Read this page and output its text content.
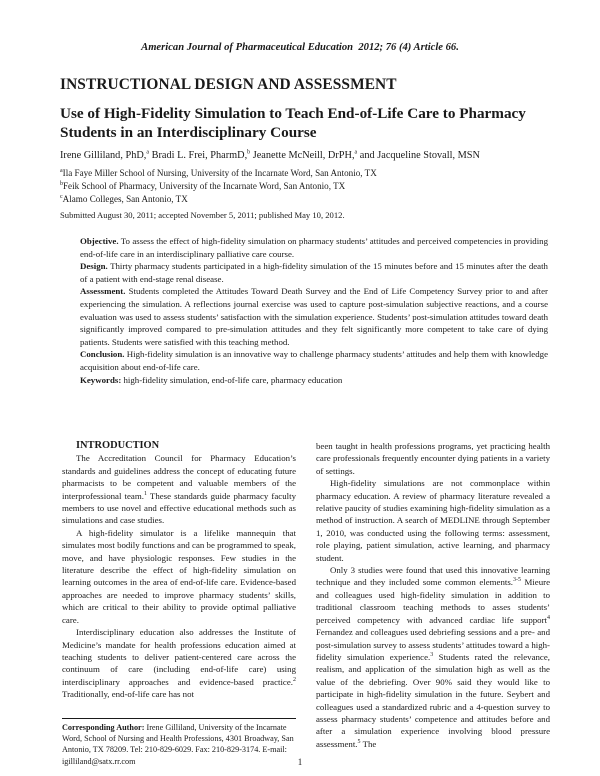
American Journal of Pharmaceutical Education 2012; 76 (4) Article 66.
INSTRUCTIONAL DESIGN AND ASSESSMENT
Use of High-Fidelity Simulation to Teach End-of-Life Care to Pharmacy Students in an Interdisciplinary Course
Irene Gilliland, PhD,$^a$ Bradi L. Frei, PharmD,$^b$ Jeanette McNeill, DrPH,$^a$ and Jacqueline Stovall, MSN
$^a$Ila Faye Miller School of Nursing, University of the Incarnate Word, San Antonio, TX
$^b$Feik School of Pharmacy, University of the Incarnate Word, San Antonio, TX
$^c$Alamo Colleges, San Antonio, TX
Submitted August 30, 2011; accepted November 5, 2011; published May 10, 2012.

Objective. To assess the effect of high-fidelity simulation on pharmacy students’ attitudes and perceived competencies in providing end-of-life care in an interdisciplinary palliative care course.

Design. Thirty pharmacy students participated in a high-fidelity simulation of the 15 minutes before and 15 minutes after the death of a patient with end-stage renal disease.

Assessment. Students completed the Attitudes Toward Death Survey and the End of Life Competency Survey prior to and after experiencing the simulation. A reflections journal exercise was used to capture post-simulation subjective reactions, and a course evaluation was used to assess students’ satisfaction with the simulation experience. Students’ post-simulation attitudes toward death significantly improved compared to pre-simulation attitudes and they felt significantly more competent to take care of dying patients. Students were satisfied with this teaching method.

Conclusion. High-fidelity simulation is an innovative way to challenge pharmacy students’ attitudes and help them with knowledge acquisition about end-of-life care.

Keywords: high-fidelity simulation, end-of-life care, pharmacy education

INTRODUCTION

The Accreditation Council for Pharmacy Education’s standards and guidelines address the concept of educating future pharmacists to be competent and valuable members of the interprofessional team.$^1$ These standards guide pharmacy faculty members to use novel and effective educational methods such as simulations and case studies.

A high-fidelity simulator is a lifelike mannequin that simulates most bodily functions and can be programmed to speak, move, and have physiologic responses. Few studies in the literature describe the effect of high-fidelity simulation on learning outcomes in the area of end-of-life care. Evidence-based approaches are needed to improve pharmacy students’ skills, which are critical to their ability to provide optimal palliative care.

Interdisciplinary education also addresses the Institute of Medicine’s mandate for health professions education aimed at teaching students to deliver patient-centered care across the continuum of care (including end-of-life care) using interdisciplinary approaches and evidence-based practice.$^2$ Traditionally, end-of-life care has not

been taught in health professions programs, yet practicing health care professionals frequently encounter dying patients in a variety of settings.

High-fidelity simulations are not commonplace within pharmacy education. A review of pharmacy literature revealed a relative paucity of studies examining high-fidelity simulation as a method of instruction. A search of MEDLINE through September 1, 2010, was conducted using the following terms: assessment, role playing, patient simulation, active learning, and pharmacy student.

Only 3 studies were found that used this innovative learning technique and they included some common elements.$^{3-5}$ Mieure and colleagues used high-fidelity simulation in addition to traditional classroom teaching methods to asses students’ perceived competency with advanced cardiac life support$^4$ Fernandez and colleagues used debriefing sessions and a pre- and post-simulation survey to assess students’ attitudes toward a high-fidelity simulation experience.$^3$ Students rated the relevance, realism, and application of the simulation high as well as the value of the debriefing. Over 90% said they would like to participate in high-fidelity simulation in the future. Seybert and colleagues used a standardized rubric and a 4-question survey to assess pharmacy students’ competence and attitudes before and after a simulation experience involving blood pressure assessment.$^5$ The

Corresponding Author: Irene Gilliland, University of the Incarnate Word, School of Nursing and Health Professions, 4301 Broadway, San Antonio, TX 78209. Tel: 210-829-6029. Fax: 210-829-3174. E-mail: igilliland@satx.rr.com	1
